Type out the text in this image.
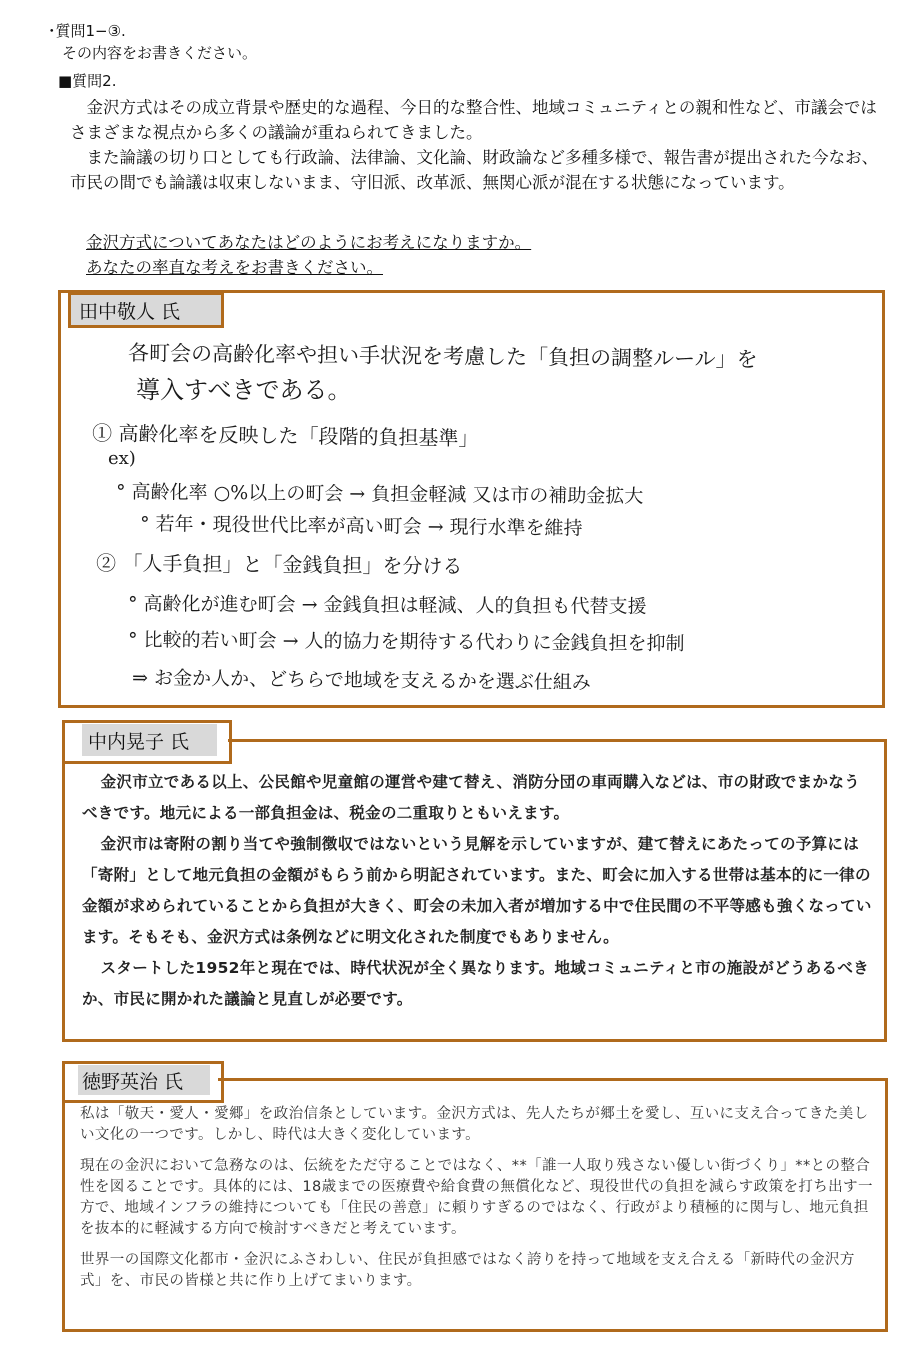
･質問1−③.
その内容をお書きください。
■質問2.

金沢方式はその成立背景や歴史的な過程、今日的な整合性、地域コミュニティとの親和性など、市議会ではさまざまな視点から多くの議論が重ねられてきました。

また論議の切り口としても行政論、法律論、文化論、財政論など多種多様で、報告書が提出された今なお、市民の間でも論議は収束しないまま、守旧派、改革派、無関心派が混在する状態になっています。

金沢方式についてあなたはどのようにお考えになりますか。
あなたの率直な考えをお書きください。
田中敬人 氏
各町会の高齢化率や担い手状況を考慮した「負担の調整ルール」を
導入すべきである。
① 高齢化率を反映した「段階的負担基準」
ex)
° 高齢化率 ○%以上の町会 → 負担金軽減 又は市の補助金拡大
° 若年・現役世代比率が高い町会 → 現行水準を維持
② 「人手負担」と「金銭負担」を分ける
° 高齢化が進む町会 → 金銭負担は軽減、人的負担も代替支援
° 比較的若い町会 → 人的協力を期待する代わりに金銭負担を抑制
⇒ お金か人か、どちらで地域を支えるかを選ぶ仕組み
中内晃子 氏

金沢市立である以上、公民館や児童館の運営や建て替え、消防分団の車両購入などは、市の財政でまかなうべきです。地元による一部負担金は、税金の二重取りともいえます。

金沢市は寄附の割り当てや強制徴収ではないという見解を示していますが、建て替えにあたっての予算には「寄附」として地元負担の金額がもらう前から明記されています。また、町会に加入する世帯は基本的に一律の金額が求められていることから負担が大きく、町会の未加入者が増加する中で住民間の不平等感も強くなっています。そもそも、金沢方式は条例などに明文化された制度でもありません。

スタートした1952年と現在では、時代状況が全く異なります。地域コミュニティと市の施設がどうあるべきか、市民に開かれた議論と見直しが必要です。

徳野英治 氏

私は「敬天・愛人・愛郷」を政治信条としています。金沢方式は、先人たちが郷土を愛し、互いに支え合ってきた美しい文化の一つです。しかし、時代は大きく変化しています。

現在の金沢において急務なのは、伝統をただ守ることではなく、**「誰一人取り残さない優しい街づくり」**との整合性を図ることです。具体的には、18歳までの医療費や給食費の無償化など、現役世代の負担を減らす政策を打ち出す一方で、地域インフラの維持についても「住民の善意」に頼りすぎるのではなく、行政がより積極的に関与し、地元負担を抜本的に軽減する方向で検討すべきだと考えています。

世界一の国際文化都市・金沢にふさわしい、住民が負担感ではなく誇りを持って地域を支え合える「新時代の金沢方式」を、市民の皆様と共に作り上げてまいります。
